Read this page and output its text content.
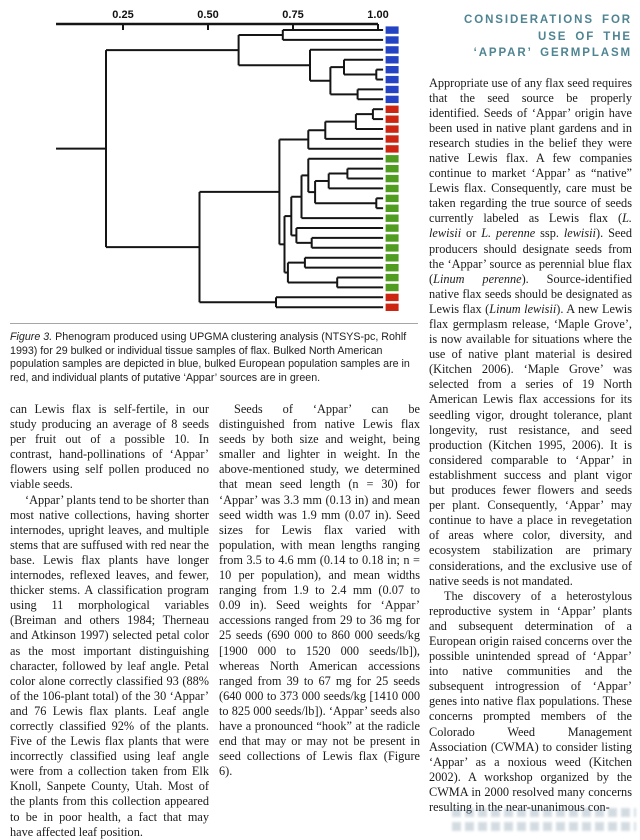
0.25	0.50	0.75	1.00
Figure 3. Phenogram produced using UPGMA clustering analysis (NTSYS-pc, Rohlf 1993) for 29 bulked or individual tissue samples of flax. Bulked North American population samples are depicted in blue, bulked European population samples are in red, and individual plants of putative ‘Appar’ sources are in green.

can Lewis flax is self-fertile, in our study producing an average of 8 seeds per fruit out of a possible 10. In contrast, hand-pollinations of ‘Appar’ flowers using self pollen produced no viable seeds.

‘Appar’ plants tend to be shorter than most native collections, having shorter internodes, upright leaves, and multiple stems that are suffused with red near the base. Lewis flax plants have longer internodes, reflexed leaves, and fewer, thicker stems. A classification program using 11 morphological variables (Breiman and others 1984; Therneau and Atkinson 1997) selected petal color as the most important distinguishing character, followed by leaf angle. Petal color alone correctly classified 93 (88% of the 106-plant total) of the 30 ‘Appar’ and 76 Lewis flax plants. Leaf angle correctly classified 92% of the plants. Five of the Lewis flax plants that were incorrectly classified using leaf angle were from a collection taken from Elk Knoll, Sanpete County, Utah. Most of the plants from this collection appeared to be in poor health, a fact that may have affected leaf position.

Seeds of ‘Appar’ can be distinguished from native Lewis flax seeds by both size and weight, being smaller and lighter in weight. In the above-mentioned study, we determined that mean seed length (n = 30) for ‘Appar’ was 3.3 mm (0.13 in) and mean seed width was 1.9 mm (0.07 in). Seed sizes for Lewis flax varied with population, with mean lengths ranging from 3.5 to 4.6 mm (0.14 to 0.18 in; n = 10 per population), and mean widths ranging from 1.9 to 2.4 mm (0.07 to 0.09 in). Seed weights for ‘Appar’ accessions ranged from 29 to 36 mg for 25 seeds (690 000 to 860 000 seeds/kg [1900 000 to 1520 000 seeds/lb]), whereas North American accessions ranged from 39 to 67 mg for 25 seeds (640 000 to 373 000 seeds/kg [1410 000 to 825 000 seeds/lb]). ‘Appar’ seeds also have a pronounced “hook” at the radicle end that may or may not be present in seed collections of Lewis flax (Figure 6).

CONSIDERATIONS FOR
USE OF THE
‘APPAR’ GERMPLASM

Appropriate use of any flax seed requires that the seed source be properly identified. Seeds of ‘Appar’ origin have been used in native plant gardens and in research studies in the belief they were native Lewis flax. A few companies continue to market ‘Appar’ as “native” Lewis flax. Consequently, care must be taken regarding the true source of seeds currently labeled as Lewis flax (L. lewisii or L. perenne ssp. lewisii). Seed producers should designate seeds from the ‘Appar’ source as perennial blue flax (Linum perenne). Source-identified native flax seeds should be designated as Lewis flax (Linum lewisii). A new Lewis flax germplasm release, ‘Maple Grove’, is now available for situations where the use of native plant material is desired (Kitchen 2006). ‘Maple Grove’ was selected from a series of 19 North American Lewis flax accessions for its seedling vigor, drought tolerance, plant longevity, rust resistance, and seed production (Kitchen 1995, 2006). It is considered comparable to ‘Appar’ in establishment success and plant vigor but produces fewer flowers and seeds per plant. Consequently, ‘Appar’ may continue to have a place in revegetation of areas where color, diversity, and ecosystem stabilization are primary considerations, and the exclusive use of native seeds is not mandated.

The discovery of a heterostylous reproductive system in ‘Appar’ plants and subsequent determination of a European origin raised concerns over the possible unintended spread of ‘Appar’ into native communities and the subsequent introgression of ‘Appar’ genes into native flax populations. These concerns prompted members of the Colorado Weed Management Association (CWMA) to consider listing ‘Appar’ as a noxious weed (Kitchen 2002). A workshop organized by the CWMA in 2000 resolved many concerns resulting in the near-unanimous con-
